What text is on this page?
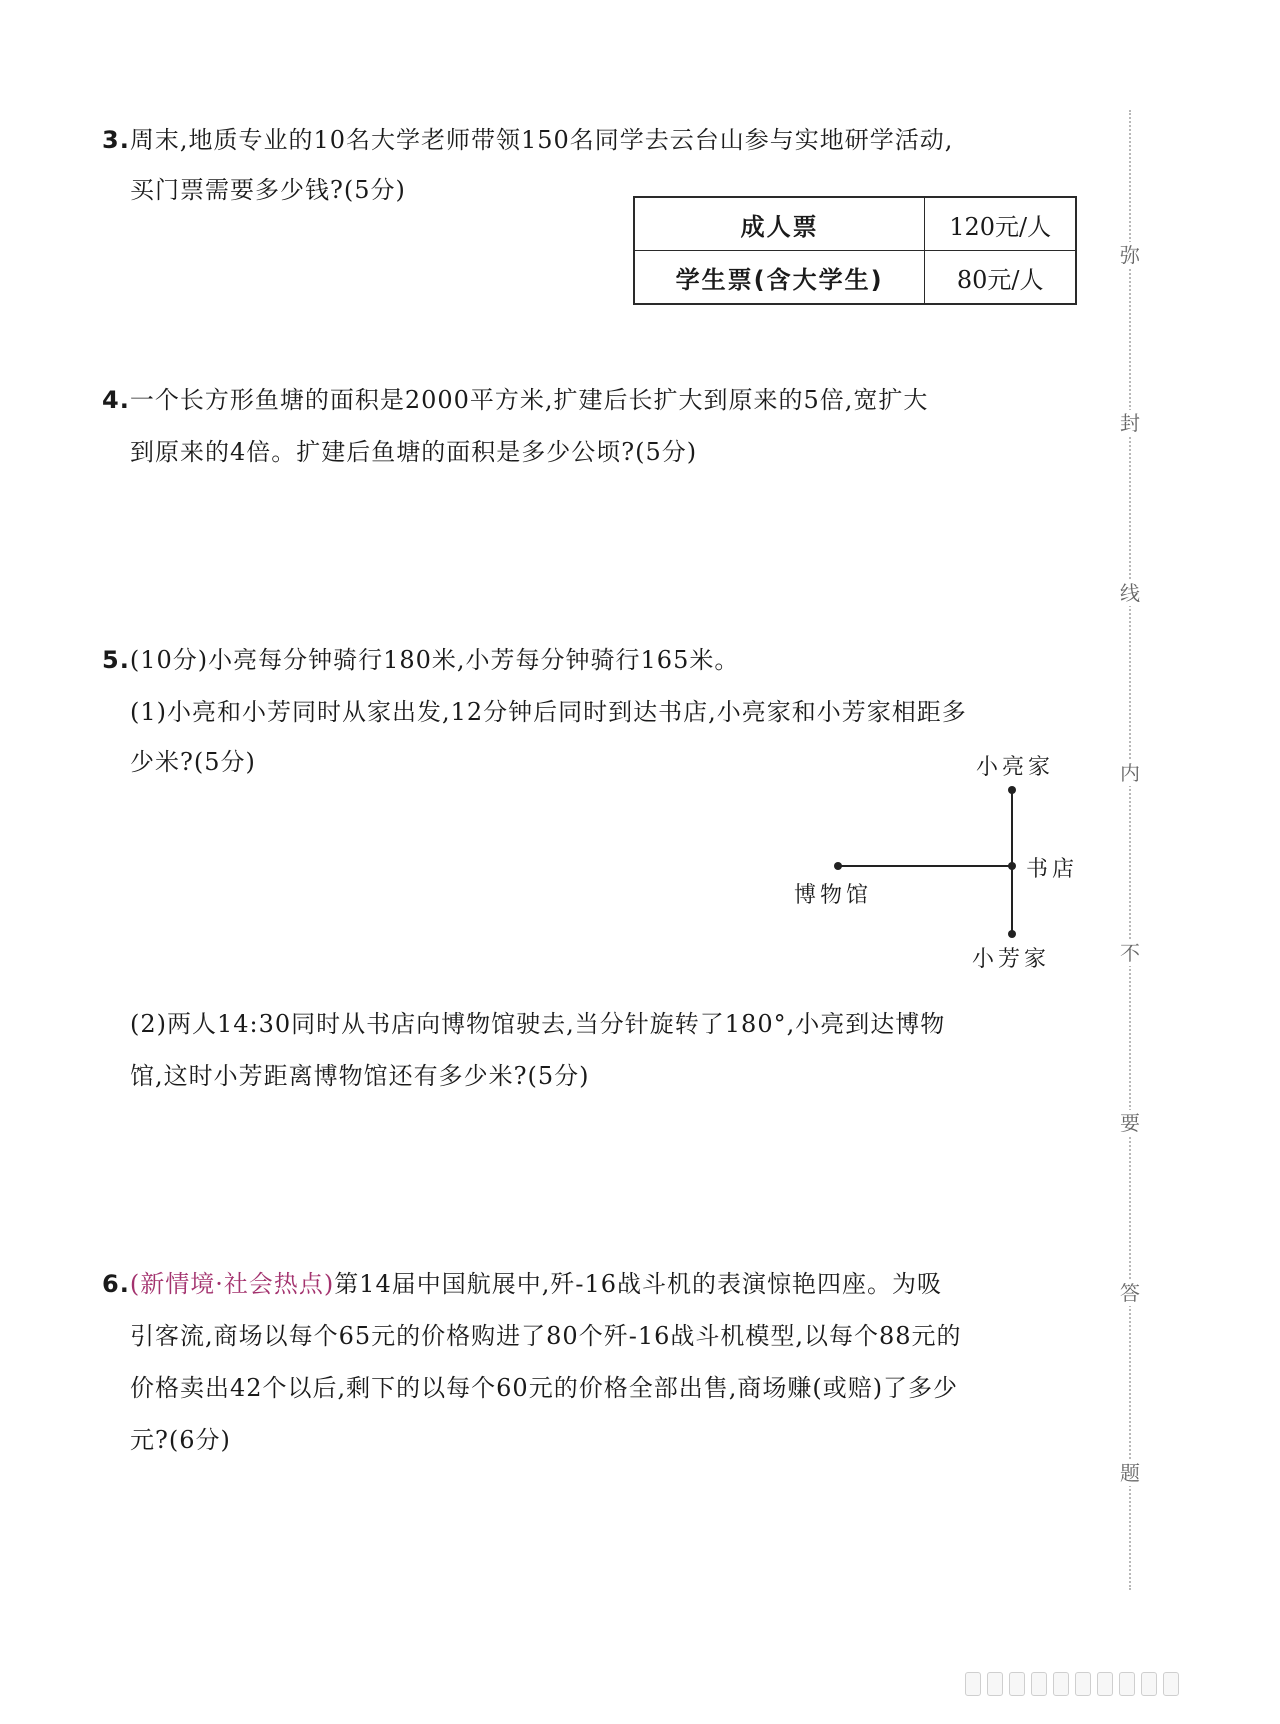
3.周末,地质专业的10名大学老师带领150名同学去云台山参与实地研学活动,
买门票需要多少钱?(5分)
成人票	120元/人
学生票(含大学生)	80元/人
4.一个长方形鱼塘的面积是2000平方米,扩建后长扩大到原来的5倍,宽扩大
到原来的4倍。扩建后鱼塘的面积是多少公顷?(5分)
5.(10分)小亮每分钟骑行180米,小芳每分钟骑行165米。
(1)小亮和小芳同时从家出发,12分钟后同时到达书店,小亮家和小芳家相距多
少米?(5分)	小亮家
书店
博物馆
小芳家
(2)两人14:30同时从书店向博物馆驶去,当分针旋转了180°,小亮到达博物
馆,这时小芳距离博物馆还有多少米?(5分)
6.(新情境·社会热点)第14届中国航展中,歼-16战斗机的表演惊艳四座。为吸
引客流,商场以每个65元的价格购进了80个歼-16战斗机模型,以每个88元的
价格卖出42个以后,剩下的以每个60元的价格全部出售,商场赚(或赔)了多少
元?(6分)
弥
封
线
内
不
要
答
题
